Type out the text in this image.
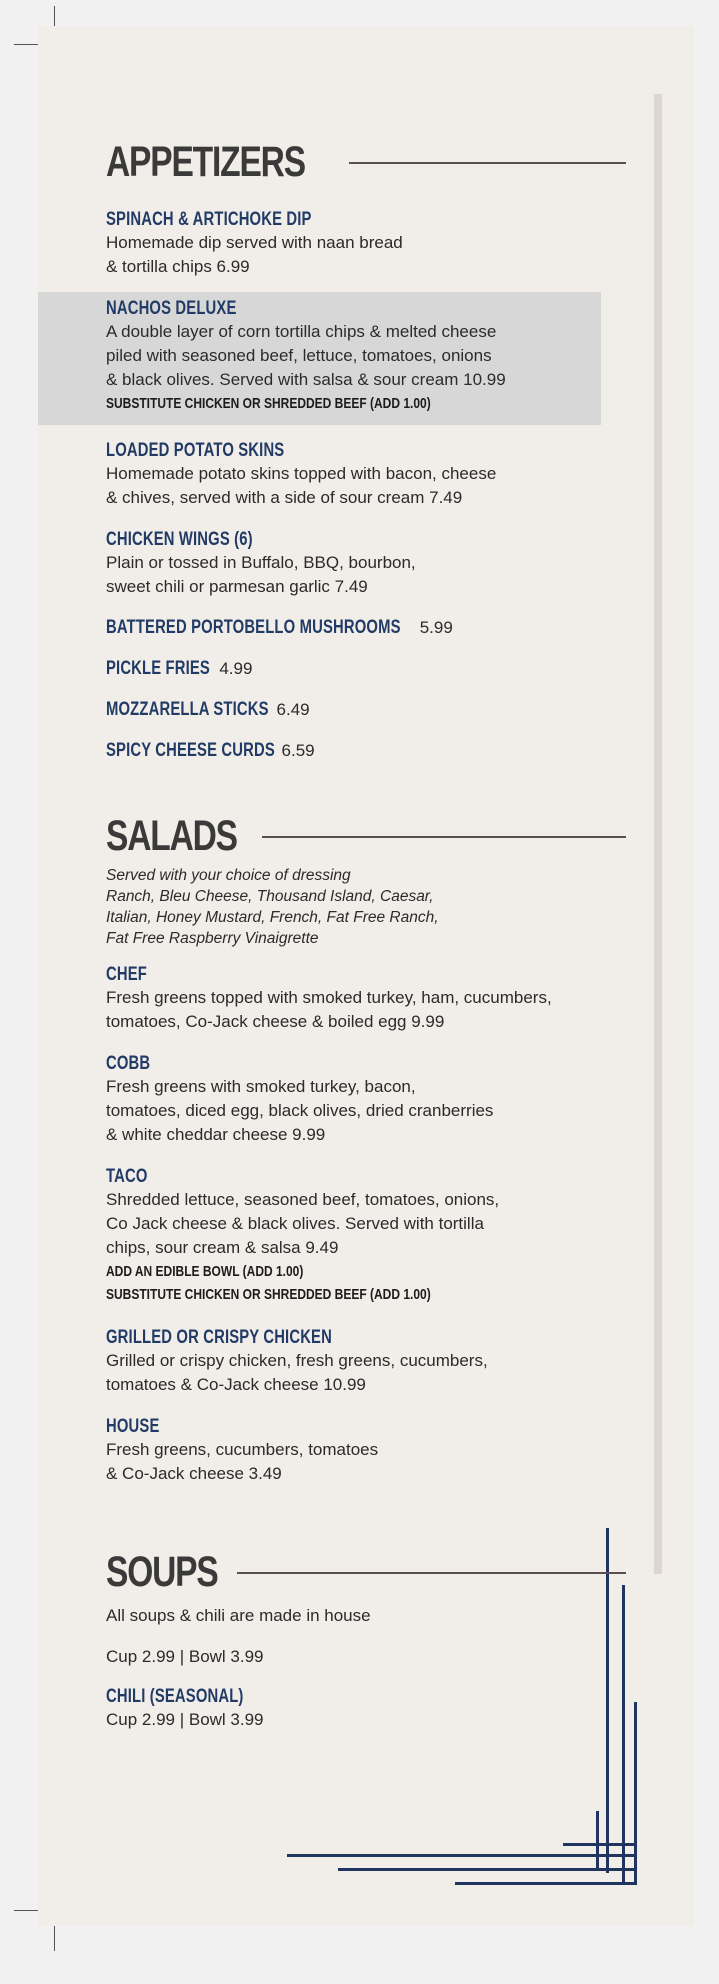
APPETIZERS
SPINACH & ARTICHOKE DIP
Homemade dip served with naan bread
& tortilla chips 6.99
NACHOS DELUXE
A double layer of corn tortilla chips & melted cheese
piled with seasoned beef, lettuce, tomatoes, onions
& black olives. Served with salsa & sour cream 10.99
SUBSTITUTE CHICKEN OR SHREDDED BEEF (ADD 1.00)
LOADED POTATO SKINS
Homemade potato skins topped with bacon, cheese
& chives, served with a side of sour cream 7.49
CHICKEN WINGS (6)
Plain or tossed in Buffalo, BBQ, bourbon,
sweet chili or parmesan garlic 7.49
BATTERED PORTOBELLO MUSHROOMS 5.99
PICKLE FRIES 4.99
MOZZARELLA STICKS 6.49
SPICY CHEESE CURDS 6.59
SALADS
Served with your choice of dressing
Ranch, Bleu Cheese, Thousand Island, Caesar,
Italian, Honey Mustard, French, Fat Free Ranch,
Fat Free Raspberry Vinaigrette
CHEF
Fresh greens topped with smoked turkey, ham, cucumbers,
tomatoes, Co-Jack cheese & boiled egg 9.99
COBB
Fresh greens with smoked turkey, bacon,
tomatoes, diced egg, black olives, dried cranberries
& white cheddar cheese 9.99
TACO
Shredded lettuce, seasoned beef, tomatoes, onions,
Co Jack cheese & black olives. Served with tortilla
chips, sour cream & salsa 9.49
ADD AN EDIBLE BOWL (ADD 1.00)
SUBSTITUTE CHICKEN OR SHREDDED BEEF (ADD 1.00)
GRILLED OR CRISPY CHICKEN
Grilled or crispy chicken, fresh greens, cucumbers,
tomatoes & Co-Jack cheese 10.99
HOUSE
Fresh greens, cucumbers, tomatoes
& Co-Jack cheese 3.49
SOUPS
All soups & chili are made in house
Cup 2.99 | Bowl 3.99
CHILI (SEASONAL)
Cup 2.99 | Bowl 3.99
